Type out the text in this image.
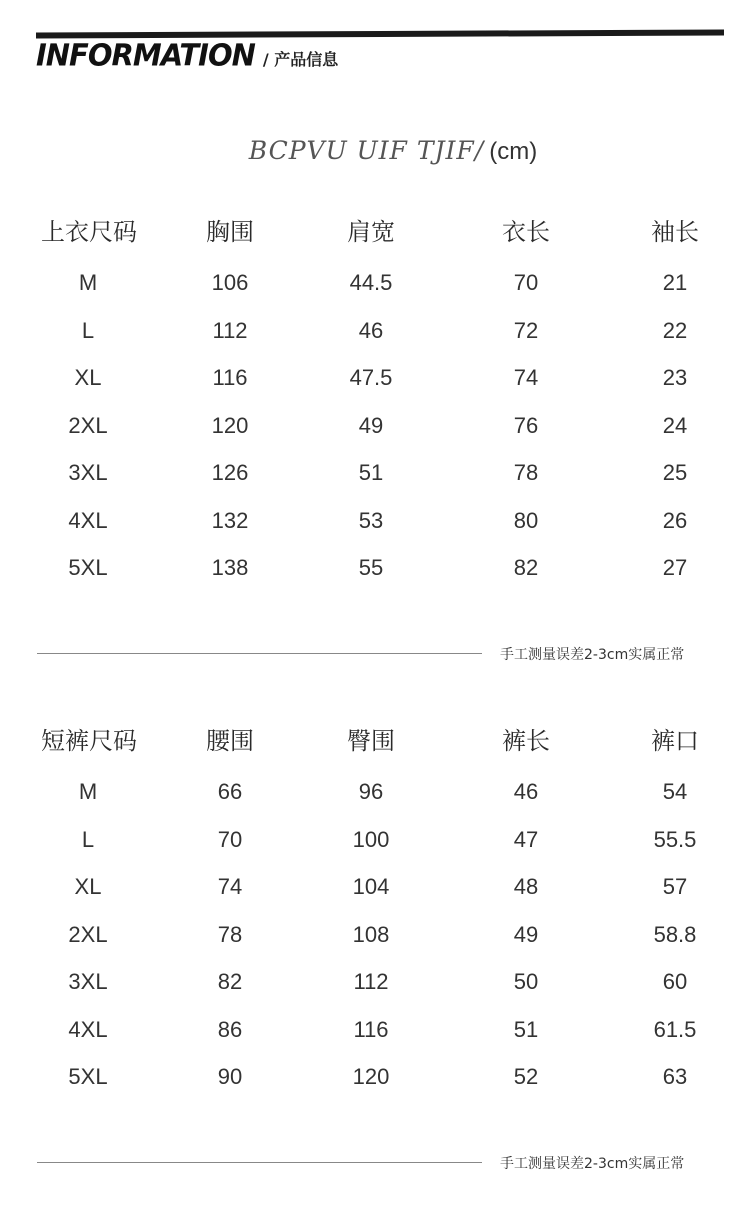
INFORMATION / 产品信息
BCPVU UIF TJIF/ (cm)
上衣尺码	胸围	肩宽	衣长	袖长
M	106	44.5	70	21
L	112	46	72	22
XL	116	47.5	74	23
2XL	120	49	76	24
3XL	126	51	78	25
4XL	132	53	80	26
5XL	138	55	82	27
手工测量误差2-3cm实属正常
短裤尺码	腰围	臀围	裤长	裤口
M	66	96	46	54
L	70	100	47	55.5
XL	74	104	48	57
2XL	78	108	49	58.8
3XL	82	112	50	60
4XL	86	116	51	61.5
5XL	90	120	52	63
手工测量误差2-3cm实属正常
